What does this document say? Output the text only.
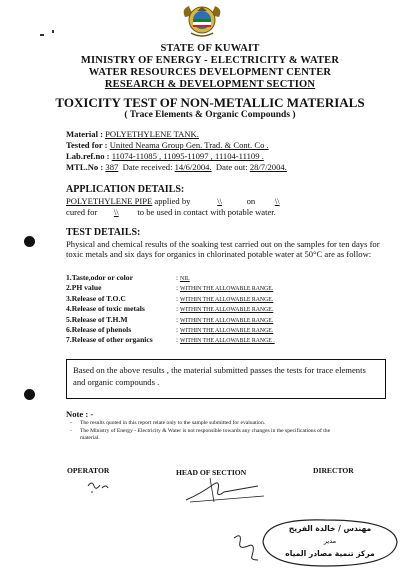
STATE OF KUWAIT
MINISTRY OF ENERGY - ELECTRICITY & WATER
WATER RESOURCES DEVELOPMENT CENTER
RESEARCH & DEVELOPMENT SECTION
TOXICITY TEST OF NON-METALLIC MATERIALS
( Trace Elements & Organic Compounds )
Material : POLYETHYLENE TANK.
Tested for : United Neama Group Gen. Trad. & Cont. Co .
Lab.ref.no : 11074-11085 , 11095-11097 , 11104-11109 .
MTL.No : 387 Date received: 14/6/2004. Date out: 28/7/2004.
APPLICATION DETAILS:
POLYETHYLENE PIPE applied by	\\	on \\
cured for \\ to be used in contact with potable water.
TEST DETAILS:
Physical and chemical results of the soaking test carried out on the samples for ten days for toxic metals and six days for organics in chlorinated potable water at 50°C are as follow:
1.Taste,odor or color	: NIL
2.PH value	: WITHIN THE ALLOWABLE RANGE.
3.Release of T.O.C	: WITHIN THE ALLOWABLE RANGE.
4.Release of toxic metals	: WITHIN THE ALLOWABLE RANGE.
5.Release of T.H.M	: WITHIN THE ALLOWABLE RANGE.
6.Release of phenols	: WITHIN THE ALLOWABLE RANGE.
7.Release of other organics	: WITHIN THE ALLOWABLE RANGE .
Based on the above results , the material submitted passes the tests for trace elements and organic compounds .
Note : -
- The results quoted in this report relate only to the sample submitted for evaluation.
- The Ministry of Energy - Electricity & Water is not responsible towards any changes in the specifications of the material.
OPERATOR	HEAD OF SECTION	DIRECTOR
مهندس / خالدة الفريح
مدير
مركز تنمية مصادر المياه
